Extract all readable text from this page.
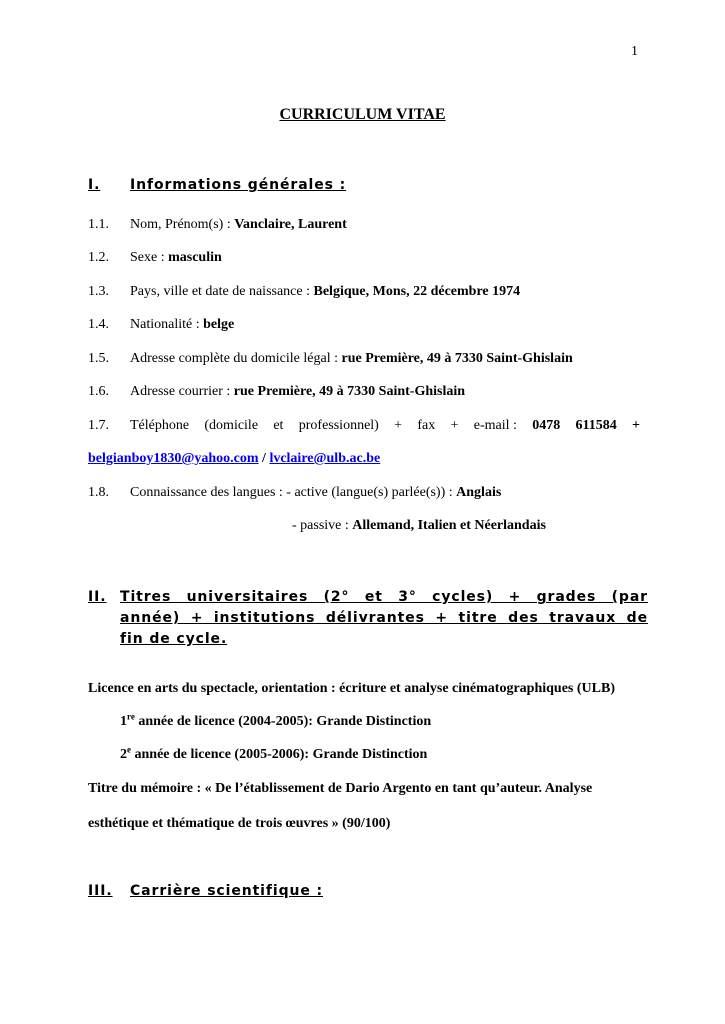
1
CURRICULUM VITAE
I. Informations générales :
1.1. Nom, Prénom(s) : Vanclaire, Laurent
1.2. Sexe : masculin
1.3. Pays, ville et date de naissance : Belgique, Mons, 22 décembre 1974
1.4. Nationalité : belge
1.5. Adresse complète du domicile légal : rue Première, 49 à 7330 Saint-Ghislain
1.6. Adresse courrier : rue Première, 49 à 7330 Saint-Ghislain
1.7. Téléphone (domicile et professionnel) + fax + e-mail : 0478 611584 +
belgianboy1830@yahoo.com / lvclaire@ulb.ac.be
1.8. Connaissance des langues : - active (langue(s) parlée(s)) : Anglais
- passive : Allemand, Italien et Néerlandais
II. Titres universitaires (2° et 3° cycles) + grades (par
année) + institutions délivrantes + titre des travaux de
fin de cycle.
Licence en arts du spectacle, orientation : écriture et analyse cinématographiques (ULB)
1re année de licence (2004-2005): Grande Distinction
2e année de licence (2005-2006): Grande Distinction
Titre du mémoire : « De l’établissement de Dario Argento en tant qu’auteur. Analyse
esthétique et thématique de trois œuvres » (90/100)
III. Carrière scientifique :
